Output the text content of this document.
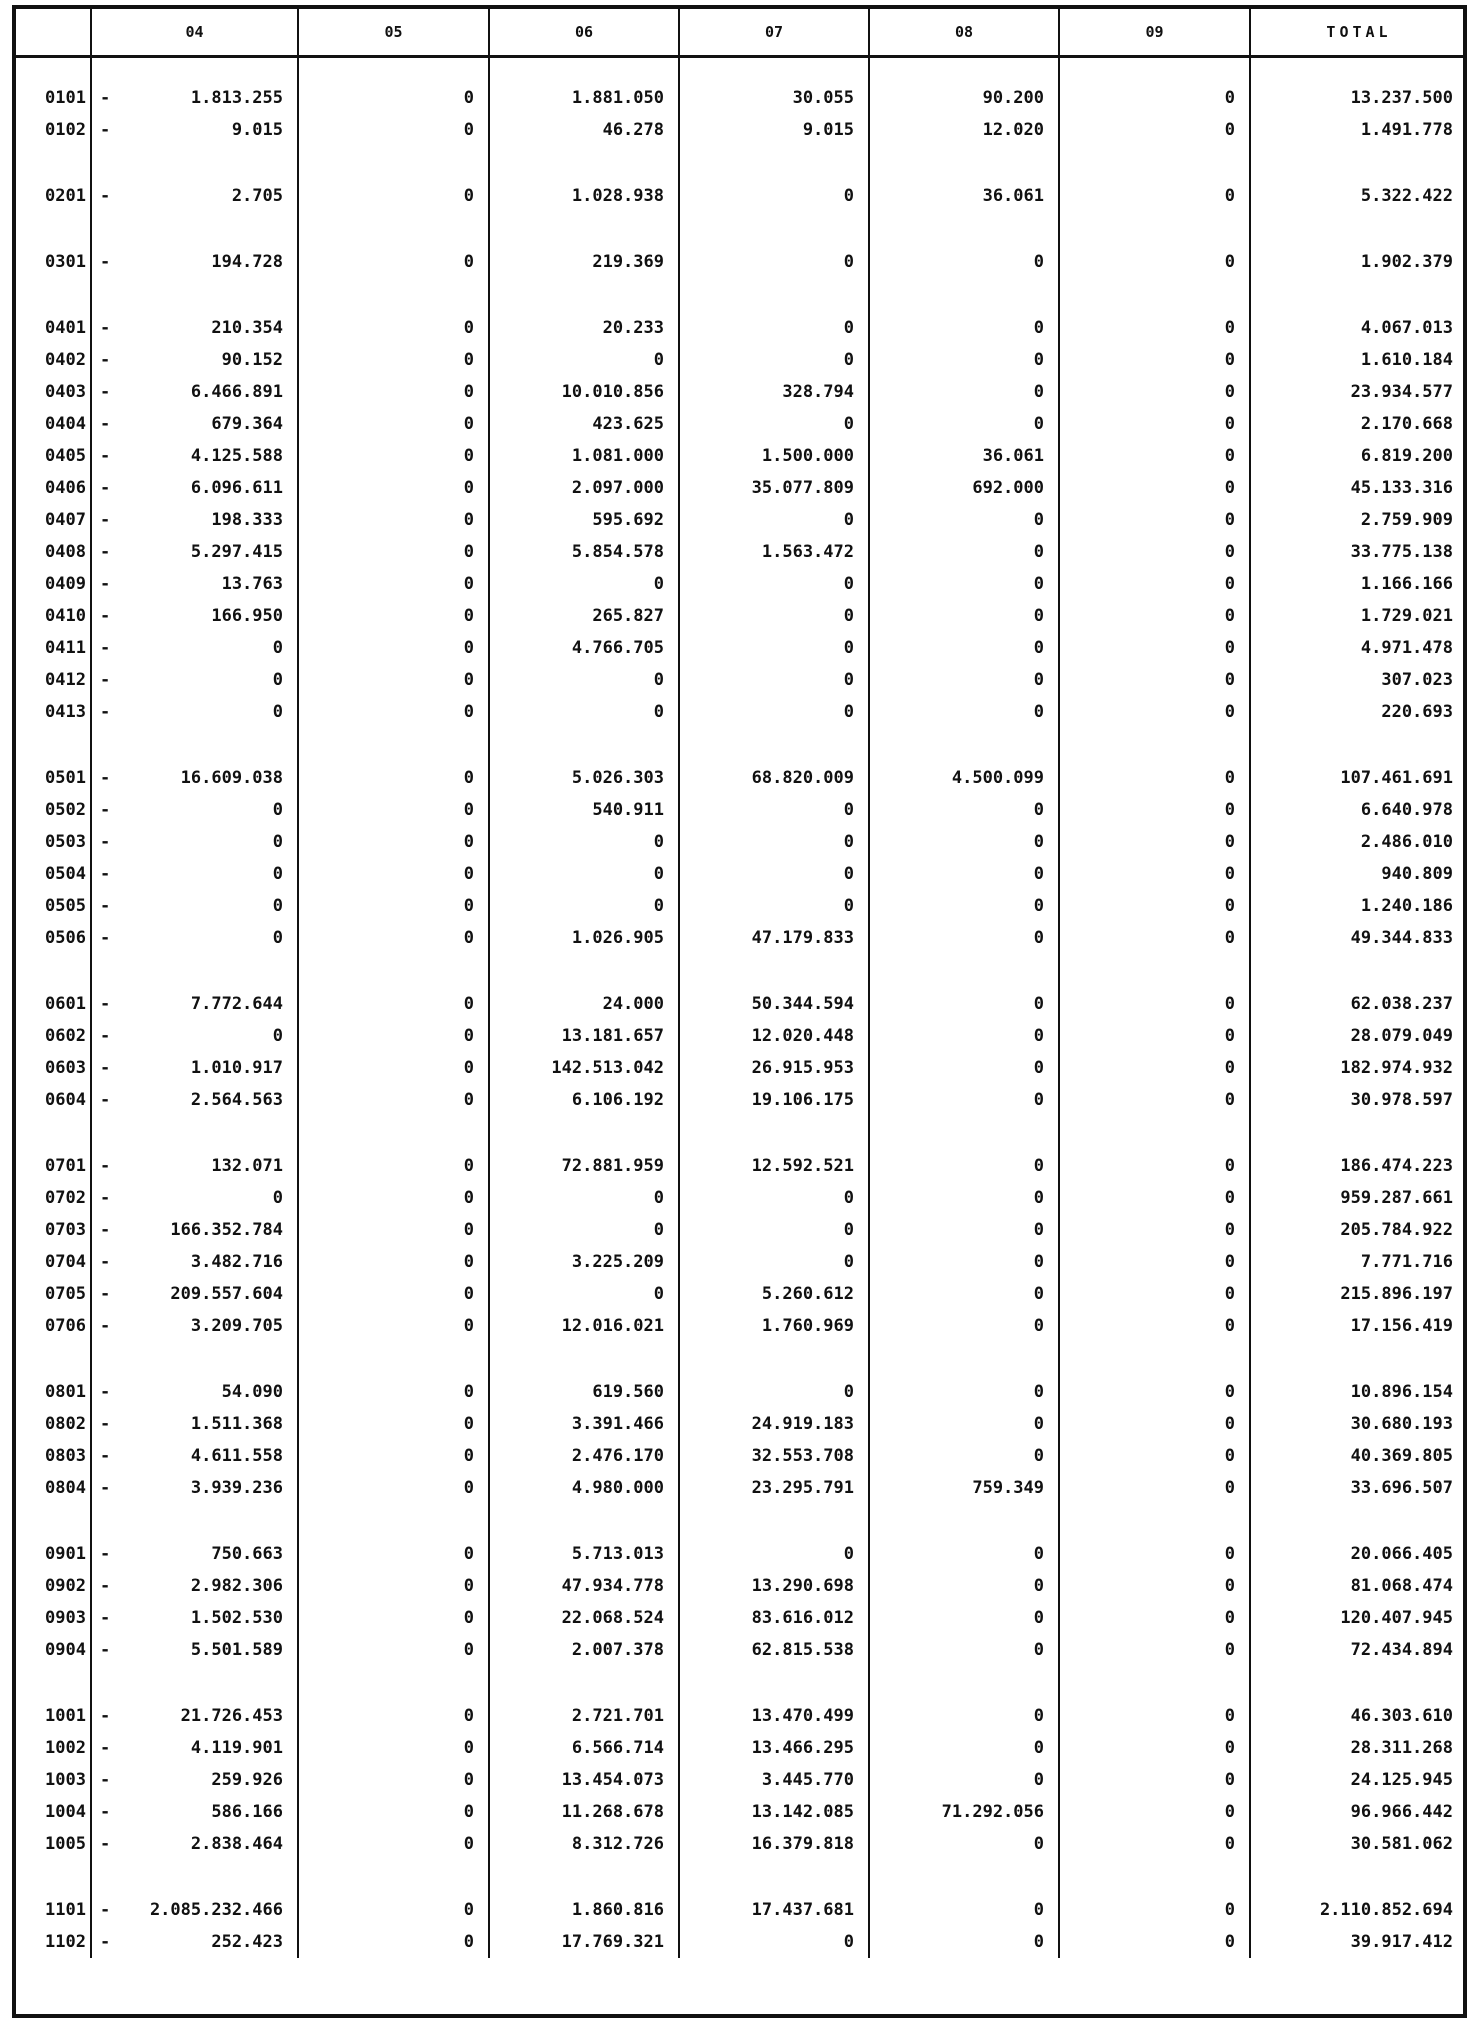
	04	05	06	07	08	09	TOTAL

0101	- 1.813.255	0	1.881.050	30.055	90.200	0	13.237.500
0102	- 9.015	0	46.278	9.015	12.020	0	1.491.778

0201	- 2.705	0	1.028.938	0	36.061	0	5.322.422

0301	- 194.728	0	219.369	0	0	0	1.902.379

0401	- 210.354	0	20.233	0	0	0	4.067.013
0402	- 90.152	0	0	0	0	0	1.610.184
0403	- 6.466.891	0	10.010.856	328.794	0	0	23.934.577
0404	- 679.364	0	423.625	0	0	0	2.170.668
0405	- 4.125.588	0	1.081.000	1.500.000	36.061	0	6.819.200
0406	- 6.096.611	0	2.097.000	35.077.809	692.000	0	45.133.316
0407	- 198.333	0	595.692	0	0	0	2.759.909
0408	- 5.297.415	0	5.854.578	1.563.472	0	0	33.775.138
0409	- 13.763	0	0	0	0	0	1.166.166
0410	- 166.950	0	265.827	0	0	0	1.729.021
0411	- 0	0	4.766.705	0	0	0	4.971.478
0412	- 0	0	0	0	0	0	307.023
0413	- 0	0	0	0	0	0	220.693

0501	- 16.609.038	0	5.026.303	68.820.009	4.500.099	0	107.461.691
0502	- 0	0	540.911	0	0	0	6.640.978
0503	- 0	0	0	0	0	0	2.486.010
0504	- 0	0	0	0	0	0	940.809
0505	- 0	0	0	0	0	0	1.240.186
0506	- 0	0	1.026.905	47.179.833	0	0	49.344.833

0601	- 7.772.644	0	24.000	50.344.594	0	0	62.038.237
0602	- 0	0	13.181.657	12.020.448	0	0	28.079.049
0603	- 1.010.917	0	142.513.042	26.915.953	0	0	182.974.932
0604	- 2.564.563	0	6.106.192	19.106.175	0	0	30.978.597

0701	- 132.071	0	72.881.959	12.592.521	0	0	186.474.223
0702	- 0	0	0	0	0	0	959.287.661
0703	- 166.352.784	0	0	0	0	0	205.784.922
0704	- 3.482.716	0	3.225.209	0	0	0	7.771.716
0705	- 209.557.604	0	0	5.260.612	0	0	215.896.197
0706	- 3.209.705	0	12.016.021	1.760.969	0	0	17.156.419

0801	- 54.090	0	619.560	0	0	0	10.896.154
0802	- 1.511.368	0	3.391.466	24.919.183	0	0	30.680.193
0803	- 4.611.558	0	2.476.170	32.553.708	0	0	40.369.805
0804	- 3.939.236	0	4.980.000	23.295.791	759.349	0	33.696.507

0901	- 750.663	0	5.713.013	0	0	0	20.066.405
0902	- 2.982.306	0	47.934.778	13.290.698	0	0	81.068.474
0903	- 1.502.530	0	22.068.524	83.616.012	0	0	120.407.945
0904	- 5.501.589	0	2.007.378	62.815.538	0	0	72.434.894

1001	- 21.726.453	0	2.721.701	13.470.499	0	0	46.303.610
1002	- 4.119.901	0	6.566.714	13.466.295	0	0	28.311.268
1003	- 259.926	0	13.454.073	3.445.770	0	0	24.125.945
1004	- 586.166	0	11.268.678	13.142.085	71.292.056	0	96.966.442
1005	- 2.838.464	0	8.312.726	16.379.818	0	0	30.581.062

1101	- 2.085.232.466	0	1.860.816	17.437.681	0	0	2.110.852.694
1102	- 252.423	0	17.769.321	0	0	0	39.917.412
